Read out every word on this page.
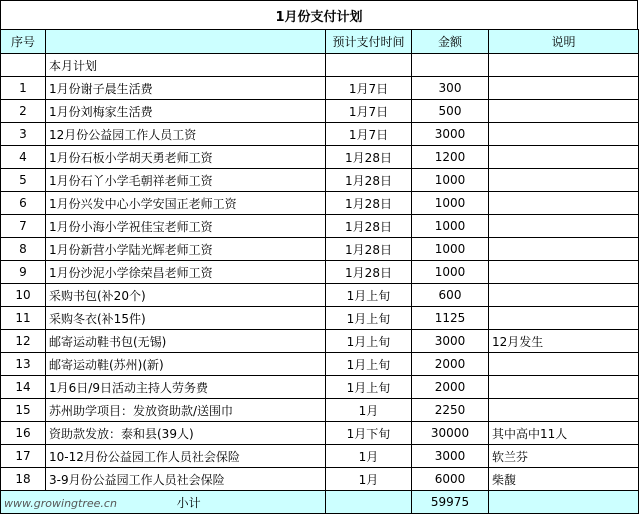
1月份支付计划
序号		预计支付时间	金额	说明
	本月计划			
1	1月份谢子晨生活费	1月7日	300	
2	1月份刘梅家生活费	1月7日	500	
3	12月份公益园工作人员工资	1月7日	3000	
4	1月份石板小学胡天勇老师工资	1月28日	1200	
5	1月份石丫小学毛朝祥老师工资	1月28日	1000	
6	1月份兴发中心小学安国正老师工资	1月28日	1000	
7	1月份小海小学祝佳宝老师工资	1月28日	1000	
8	1月份新营小学陆光辉老师工资	1月28日	1000	
9	1月份沙泥小学徐荣昌老师工资	1月28日	1000	
10	采购书包(补20个)	1月上旬	600	
11	采购冬衣(补15件)	1月上旬	1125	
12	邮寄运动鞋书包(无锡)	1月上旬	3000	12月发生
13	邮寄运动鞋(苏州)(新)	1月上旬	2000	
14	1月6日/9日活动主持人劳务费	1月上旬	2000	
15	苏州助学项目：发放资助款/送围巾	1月	2250	
16	资助款发放：泰和县(39人)	1月下旬	30000	其中高中11人
17	10-12月份公益园工作人员社会保险	1月	3000	软兰芬
18	3-9月份公益园工作人员社会保险	1月	6000	柴馥
www.growingtree.cn 小计			59975	
